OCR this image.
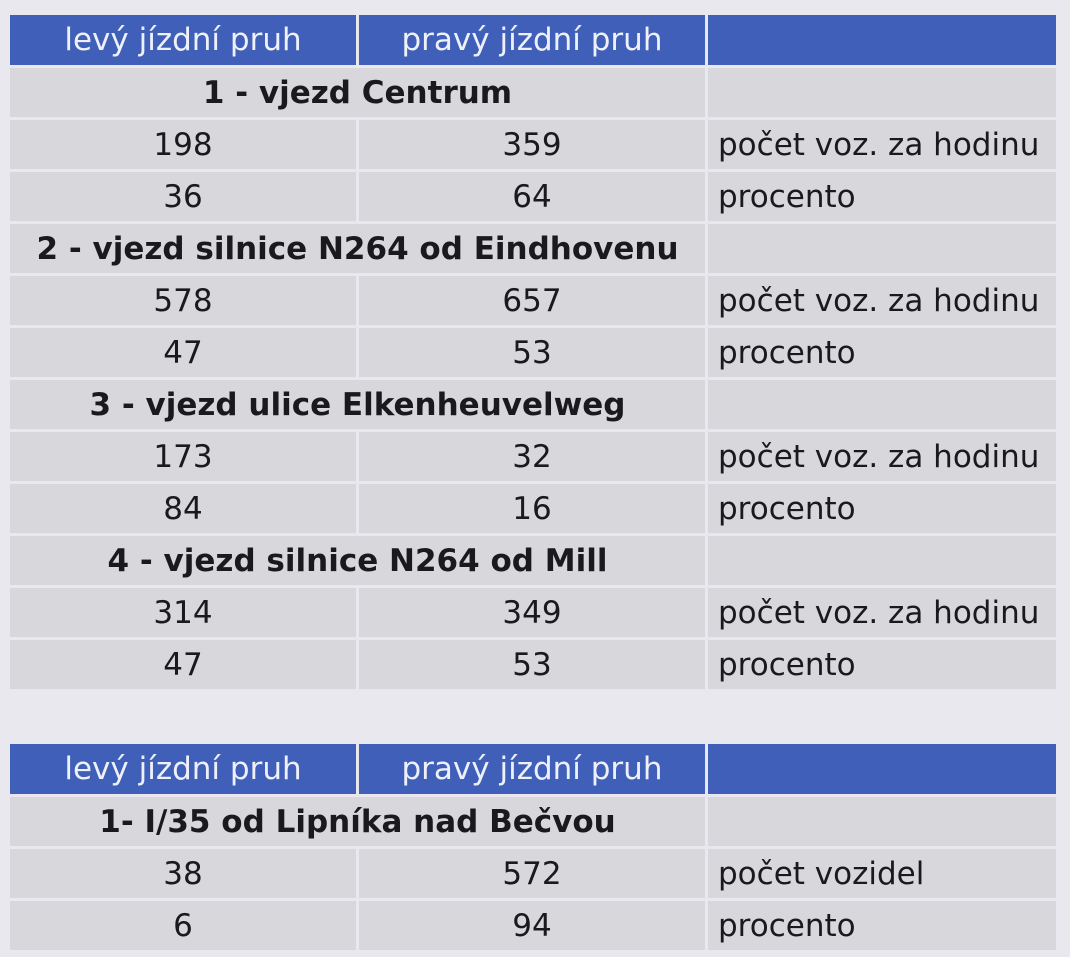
levý jízdní pruh	pravý jízdní pruh	
1 - vjezd Centrum		
198	359	počet voz. za hodinu
36	64	procento
2 - vjezd silnice N264 od Eindhovenu		
578	657	počet voz. za hodinu
47	53	procento
3 - vjezd ulice Elkenheuvelweg		
173	32	počet voz. za hodinu
84	16	procento
4 - vjezd silnice N264 od Mill		
314	349	počet voz. za hodinu
47	53	procento
levý jízdní pruh	pravý jízdní pruh	
1- I/35 od Lipníka nad Bečvou		
38	572	počet vozidel
6	94	procento
